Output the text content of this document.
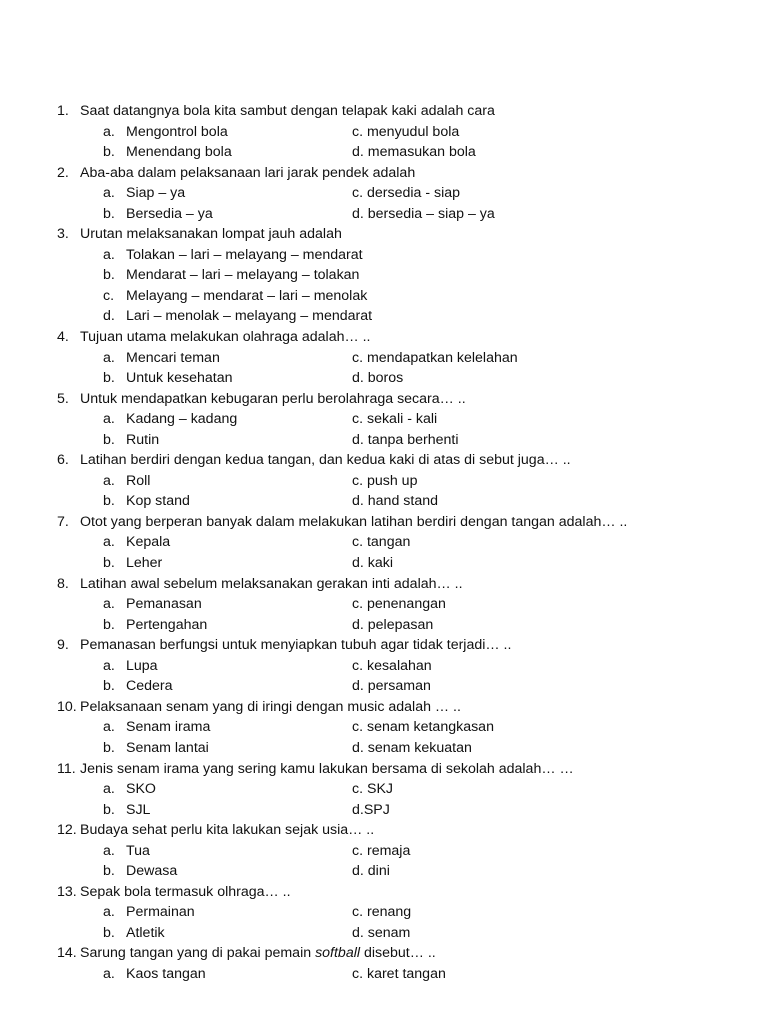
1. Saat datangnya bola kita sambut dengan telapak kaki adalah cara
a. Mengontrol bola	c. menyudul bola
b. Menendang bola	d. memasukan bola
2. Aba-aba dalam pelaksanaan lari jarak pendek adalah
a. Siap – ya	c. dersedia - siap
b. Bersedia – ya	d. bersedia – siap – ya
3. Urutan melaksanakan lompat jauh adalah
a. Tolakan – lari – melayang – mendarat
b. Mendarat – lari – melayang – tolakan
c. Melayang – mendarat – lari – menolak
d. Lari – menolak – melayang – mendarat
4. Tujuan utama melakukan olahraga adalah… ..
a. Mencari teman	c. mendapatkan kelelahan
b. Untuk kesehatan	d. boros
5. Untuk mendapatkan kebugaran perlu berolahraga secara… ..
a. Kadang – kadang	c. sekali - kali
b. Rutin	d. tanpa berhenti
6. Latihan berdiri dengan kedua tangan, dan kedua kaki di atas di sebut juga… ..
a. Roll	c. push up
b. Kop stand	d. hand stand
7. Otot yang berperan banyak dalam melakukan latihan berdiri dengan tangan adalah… ..
a. Kepala	c. tangan
b. Leher	d. kaki
8. Latihan awal sebelum melaksanakan gerakan inti adalah… ..
a. Pemanasan	c. penenangan
b. Pertengahan	d. pelepasan
9. Pemanasan berfungsi untuk menyiapkan tubuh agar tidak terjadi… ..
a. Lupa	c. kesalahan
b. Cedera	d. persaman
10. Pelaksanaan senam yang di iringi dengan music adalah … ..
a. Senam irama	c. senam ketangkasan
b. Senam lantai	d. senam kekuatan
11. Jenis senam irama yang sering kamu lakukan bersama di sekolah adalah… …
a. SKO	c. SKJ
b. SJL	d.SPJ
12. Budaya sehat perlu kita lakukan sejak usia… ..
a. Tua	c. remaja
b. Dewasa	d. dini
13. Sepak bola termasuk olhraga… ..
a. Permainan	c. renang
b. Atletik	d. senam
14. Sarung tangan yang di pakai pemain softball disebut… ..
a. Kaos tangan	c. karet tangan
